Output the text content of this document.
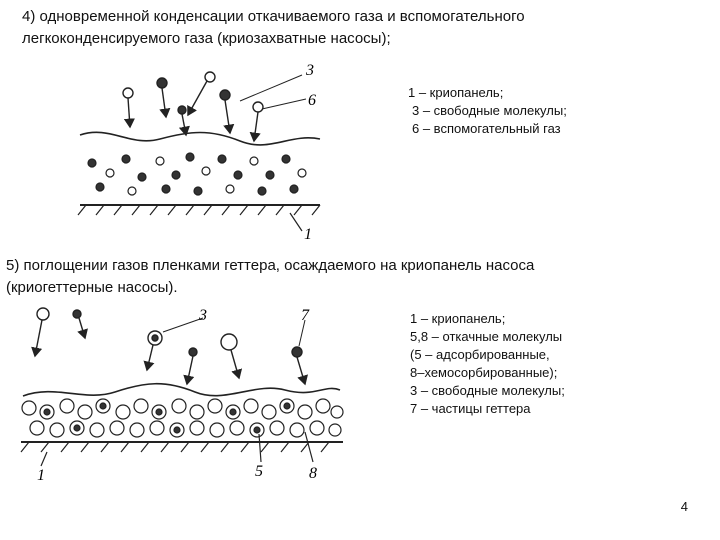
4) одновременной конденсации откачиваемого газа и вспомогательного
легкоконденсируемого газа (криозахватные насосы);
3
6
1
1 – криопанель;
3 – свободные молекулы;
6 – вспомогательный газ
5) поглощении газов пленками геттера, осаждаемого на криопанель насоса
(криогеттерные насосы).
3	7
1	5	8
1 – криопанель;
5,8 – откачные молекулы
(5 – адсорбированные,
8–хемосорбированные);
3 – свободные молекулы;
7 – частицы геттера
4
